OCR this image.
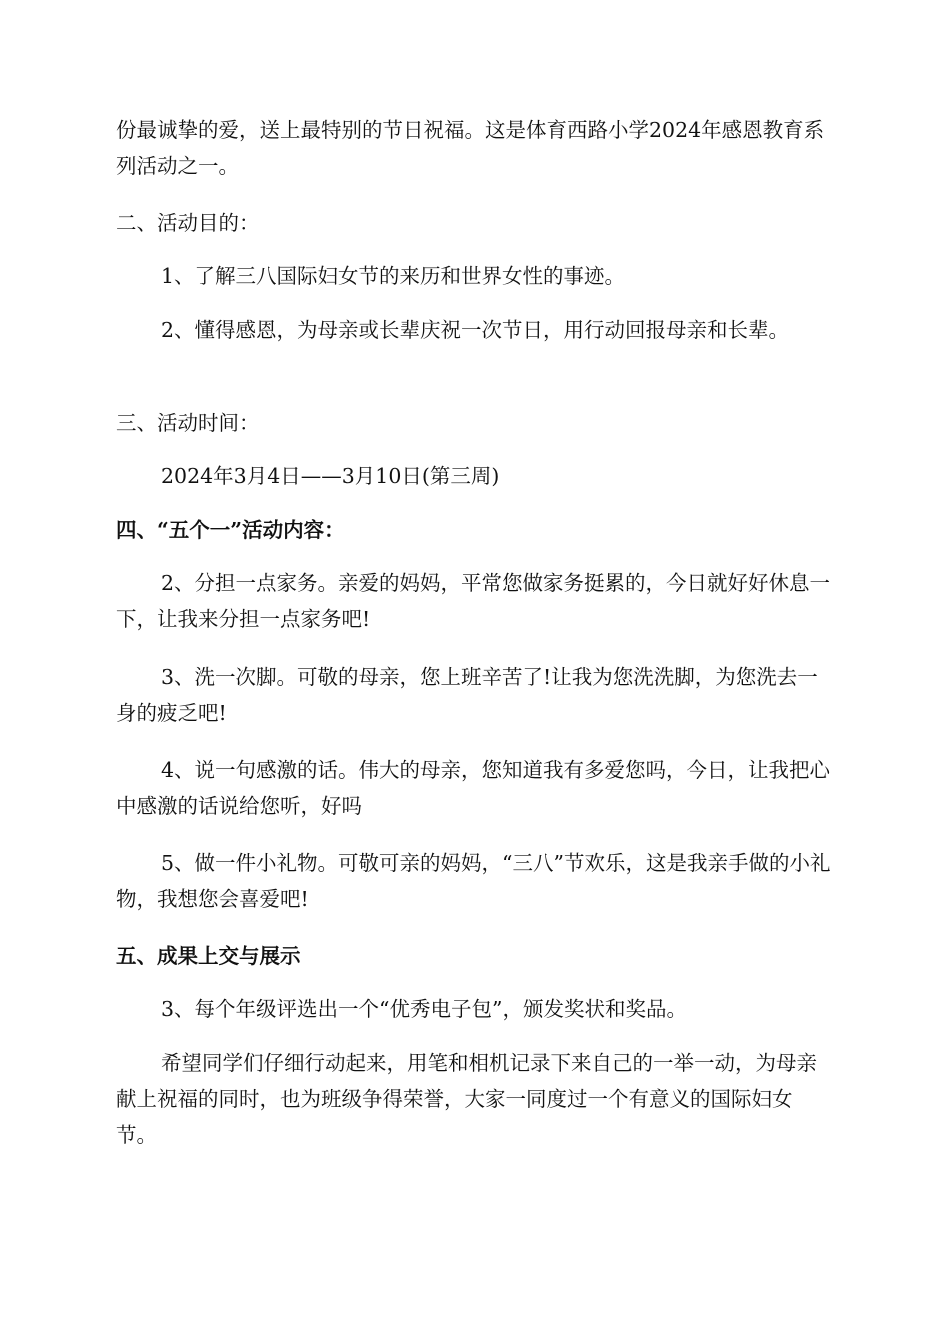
份最诚挚的爱，送上最特别的节日祝福。这是体育西路小学2024年感恩教育系列活动之一。

二、活动目的：

1、了解三八国际妇女节的来历和世界女性的事迹。

2、懂得感恩，为母亲或长辈庆祝一次节日，用行动回报母亲和长辈。

三、活动时间：

2024年3月4日——3月10日(第三周)

四、“五个一”活动内容：

2、分担一点家务。亲爱的妈妈，平常您做家务挺累的，今日就好好休息一下，让我来分担一点家务吧!

3、洗一次脚。可敬的母亲，您上班辛苦了!让我为您洗洗脚，为您洗去一身的疲乏吧!

4、说一句感激的话。伟大的母亲，您知道我有多爱您吗，今日，让我把心中感激的话说给您听，好吗

5、做一件小礼物。可敬可亲的妈妈，“三八”节欢乐，这是我亲手做的小礼物，我想您会喜爱吧!

五、成果上交与展示

3、每个年级评选出一个“优秀电子包”，颁发奖状和奖品。

希望同学们仔细行动起来，用笔和相机记录下来自己的一举一动，为母亲献上祝福的同时，也为班级争得荣誉，大家一同度过一个有意义的国际妇女节。
